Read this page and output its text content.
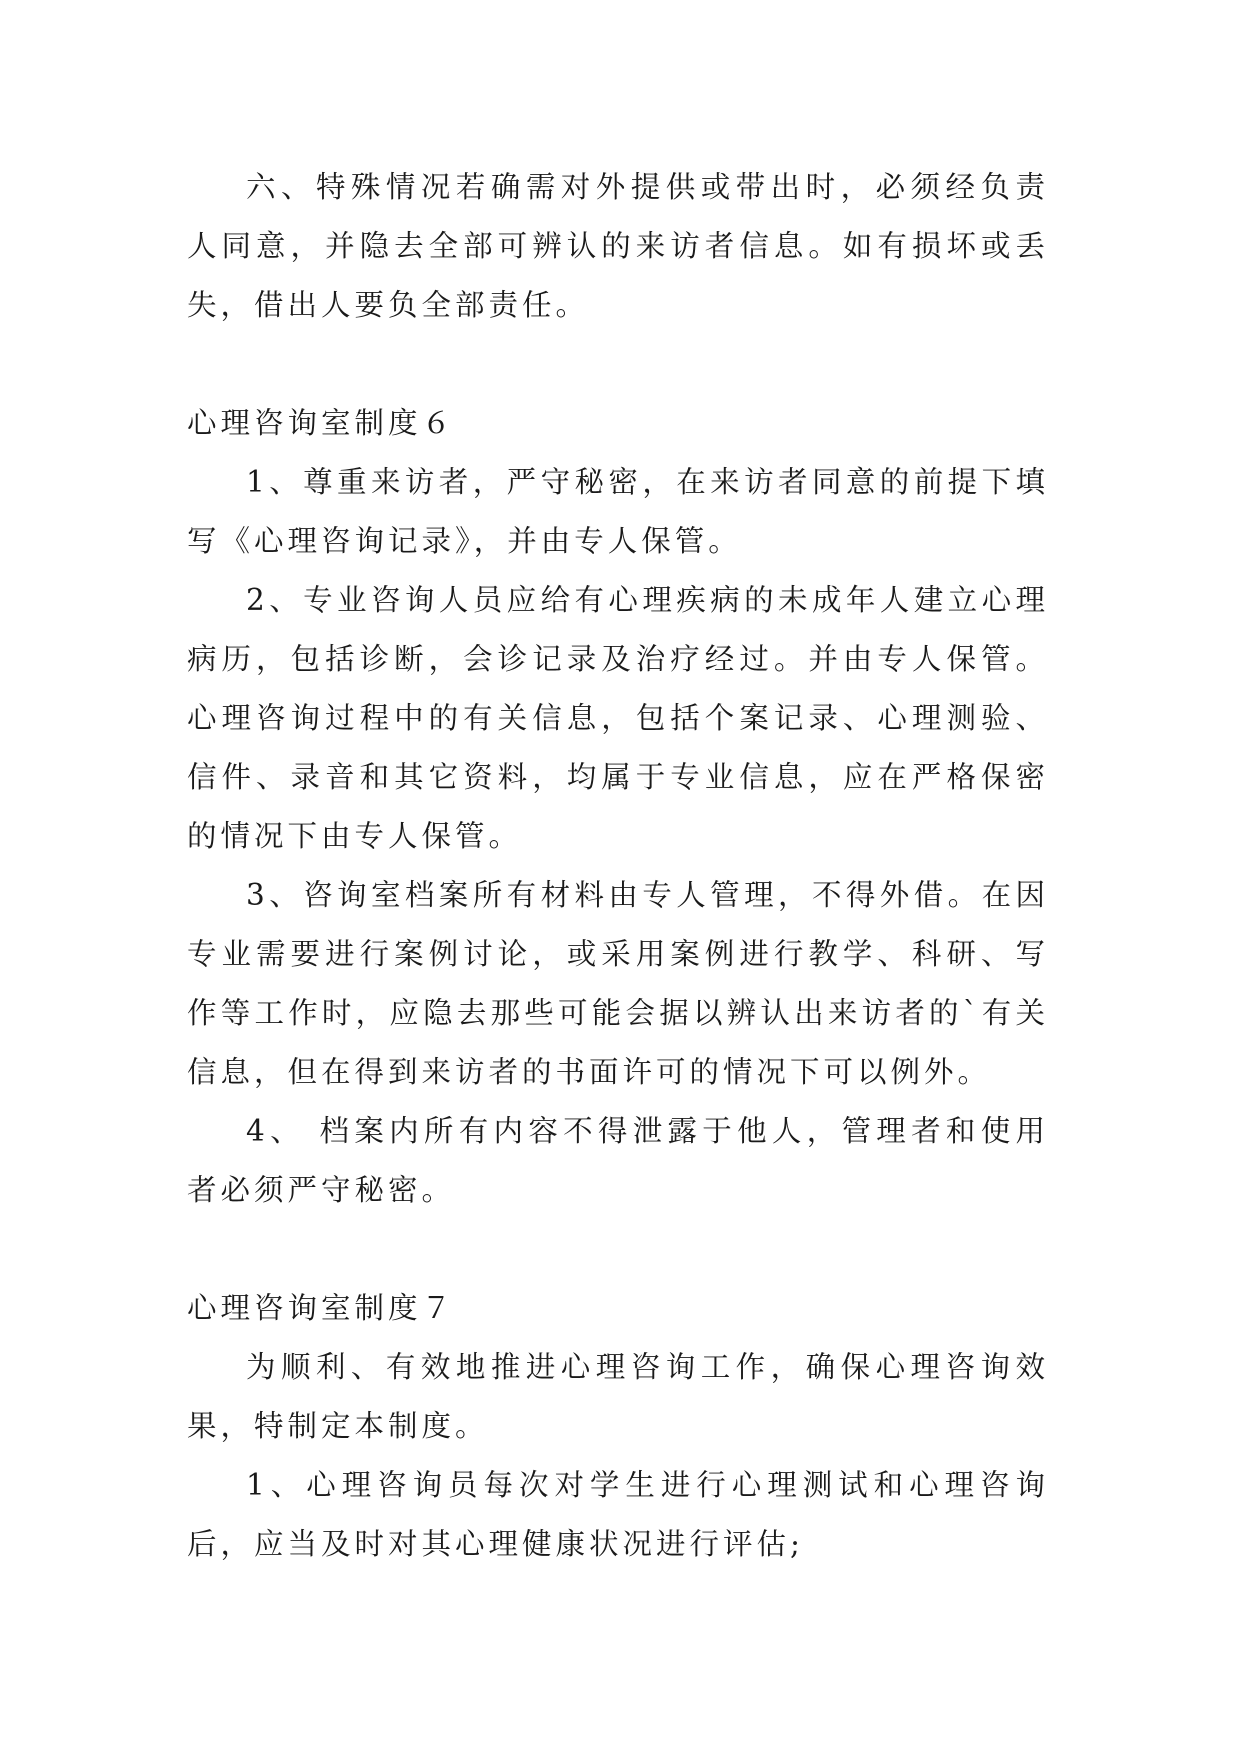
六、特殊情况若确需对外提供或带出时，必须经负责人同意，并隐去全部可辨认的来访者信息。如有损坏或丢失，借出人要负全部责任。

心理咨询室制度６

1、尊重来访者，严守秘密，在来访者同意的前提下填写《心理咨询记录》，并由专人保管。

2、专业咨询人员应给有心理疾病的未成年人建立心理病历，包括诊断，会诊记录及治疗经过。并由专人保管。心理咨询过程中的有关信息，包括个案记录、心理测验、信件、录音和其它资料，均属于专业信息，应在严格保密的情况下由专人保管。

3、咨询室档案所有材料由专人管理，不得外借。在因专业需要进行案例讨论，或采用案例进行教学、科研、写作等工作时，应隐去那些可能会据以辨认出来访者的`有关信息，但在得到来访者的书面许可的情况下可以例外。

4、 档案内所有内容不得泄露于他人，管理者和使用者必须严守秘密。

心理咨询室制度７

为顺利、有效地推进心理咨询工作，确保心理咨询效果，特制定本制度。

1、心理咨询员每次对学生进行心理测试和心理咨询后，应当及时对其心理健康状况进行评估;
